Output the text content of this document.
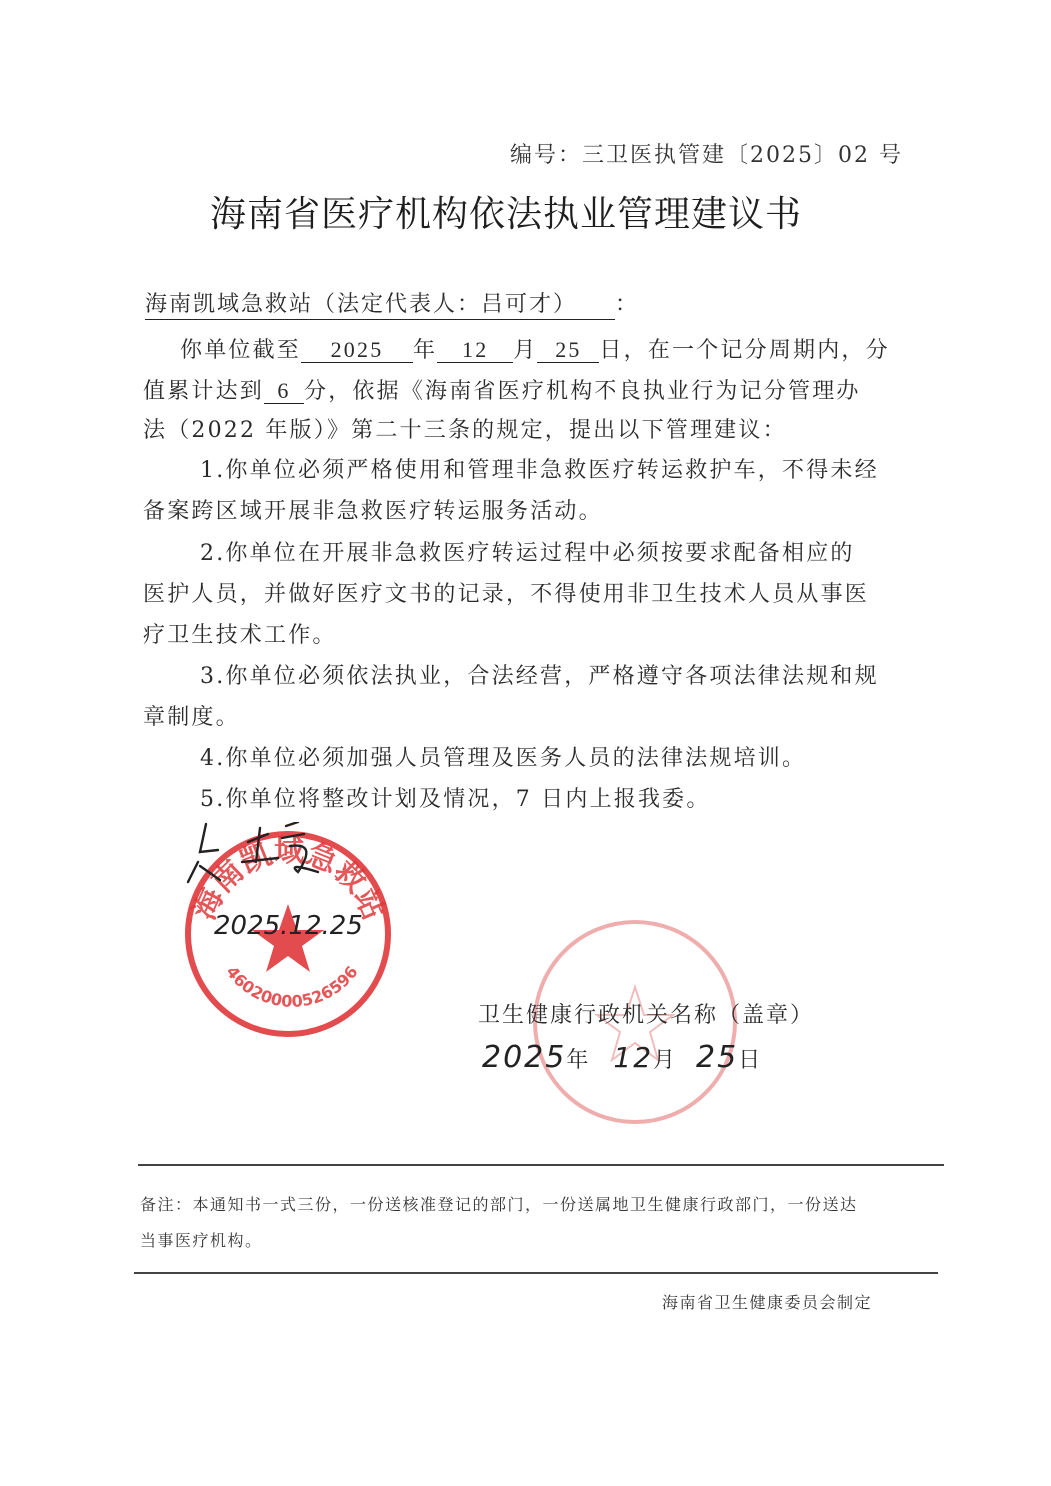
编号：三卫医执管建〔2025〕02 号
海南省医疗机构依法执业管理建议书
海南凯域急救站（法定代表人：吕可才） ：
你单位截至 2025 年 12 月 25 日，在一个记分周期内，分
值累计达到 6 分，依据《海南省医疗机构不良执业行为记分管理办
法（2022 年版）》第二十三条的规定，提出以下管理建议：
1.你单位必须严格使用和管理非急救医疗转运救护车，不得未经
备案跨区域开展非急救医疗转运服务活动。
2.你单位在开展非急救医疗转运过程中必须按要求配备相应的
医护人员，并做好医疗文书的记录，不得使用非卫生技术人员从事医
疗卫生技术工作。
3.你单位必须依法执业，合法经营，严格遵守各项法律法规和规
章制度。
4.你单位必须加强人员管理及医务人员的法律法规培训。
5.你单位将整改计划及情况，7 日内上报我委。
海南凯域急救站
46020000526596
2025.12.25
卫生健康行政机关名称（盖章）
2025年 12月 25日
备注：本通知书一式三份，一份送核准登记的部门，一份送属地卫生健康行政部门，一份送达
当事医疗机构。
海南省卫生健康委员会制定
